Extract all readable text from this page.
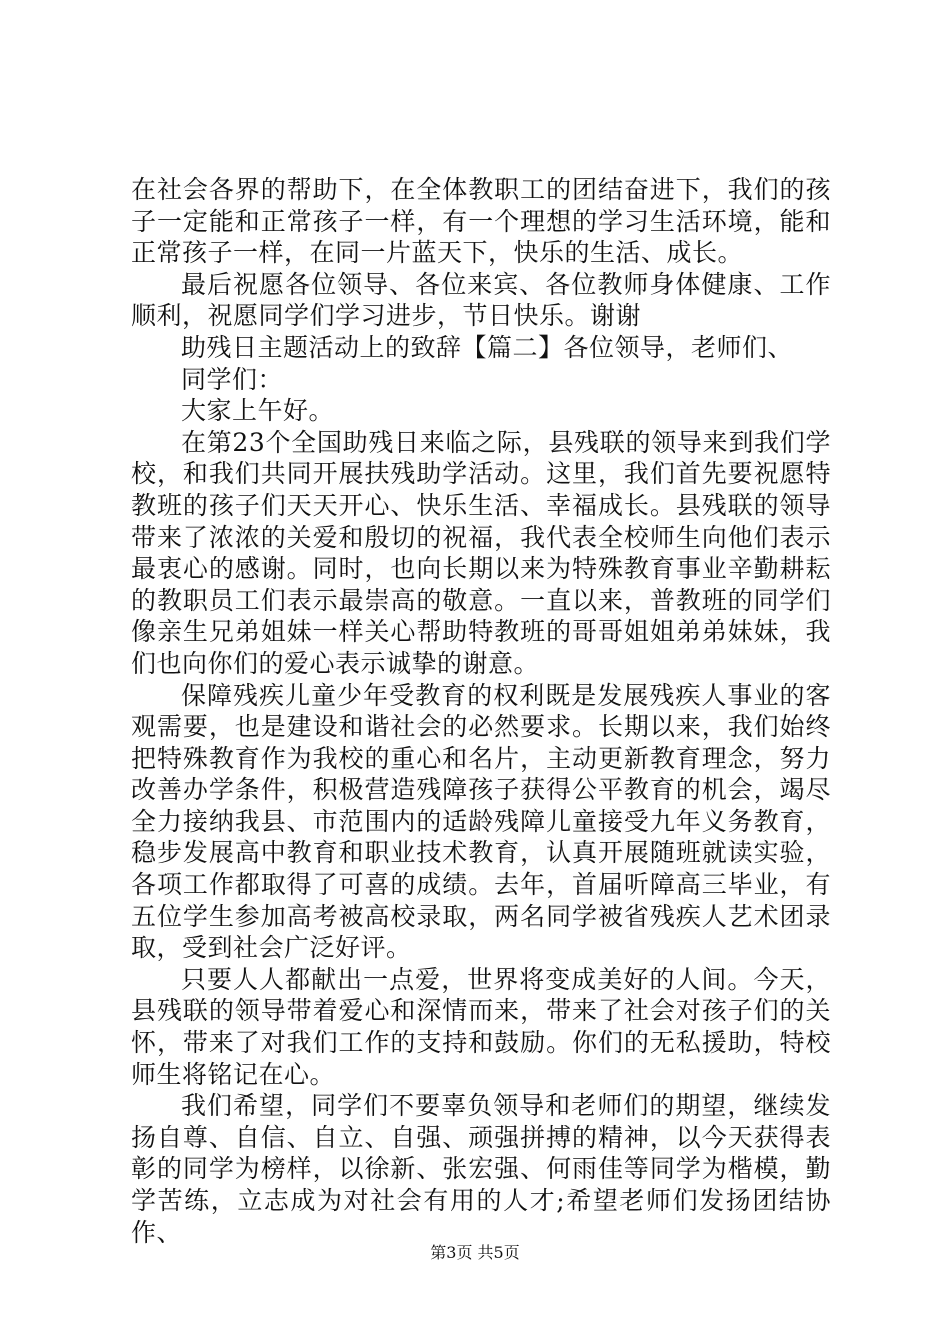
在社会各界的帮助下，在全体教职工的团结奋进下，我们的孩子一定能和正常孩子一样，有一个理想的学习生活环境，能和正常孩子一样，在同一片蓝天下，快乐的生活、成长。

最后祝愿各位领导、各位来宾、各位教师身体健康、工作顺利，祝愿同学们学习进步，节日快乐。谢谢

助残日主题活动上的致辞【篇二】各位领导，老师们、

同学们：

大家上午好。

在第23个全国助残日来临之际，县残联的领导来到我们学校，和我们共同开展扶残助学活动。这里，我们首先要祝愿特教班的孩子们天天开心、快乐生活、幸福成长。县残联的领导带来了浓浓的关爱和殷切的祝福，我代表全校师生向他们表示最衷心的感谢。同时，也向长期以来为特殊教育事业辛勤耕耘的教职员工们表示最崇高的敬意。一直以来，普教班的同学们像亲生兄弟姐妹一样关心帮助特教班的哥哥姐姐弟弟妹妹，我们也向你们的爱心表示诚挚的谢意。

保障残疾儿童少年受教育的权利既是发展残疾人事业的客观需要，也是建设和谐社会的必然要求。长期以来，我们始终把特殊教育作为我校的重心和名片，主动更新教育理念，努力改善办学条件，积极营造残障孩子获得公平教育的机会，竭尽全力接纳我县、市范围内的适龄残障儿童接受九年义务教育，稳步发展高中教育和职业技术教育，认真开展随班就读实验，各项工作都取得了可喜的成绩。去年，首届听障高三毕业，有五位学生参加高考被高校录取，两名同学被省残疾人艺术团录取，受到社会广泛好评。

只要人人都献出一点爱，世界将变成美好的人间。今天，县残联的领导带着爱心和深情而来，带来了社会对孩子们的关怀，带来了对我们工作的支持和鼓励。你们的无私援助，特校师生将铭记在心。

我们希望，同学们不要辜负领导和老师们的期望，继续发扬自尊、自信、自立、自强、顽强拼搏的精神，以今天获得表彰的同学为榜样，以徐新、张宏强、何雨佳等同学为楷模，勤学苦练，立志成为对社会有用的人才;希望老师们发扬团结协作、

第3页 共5页
